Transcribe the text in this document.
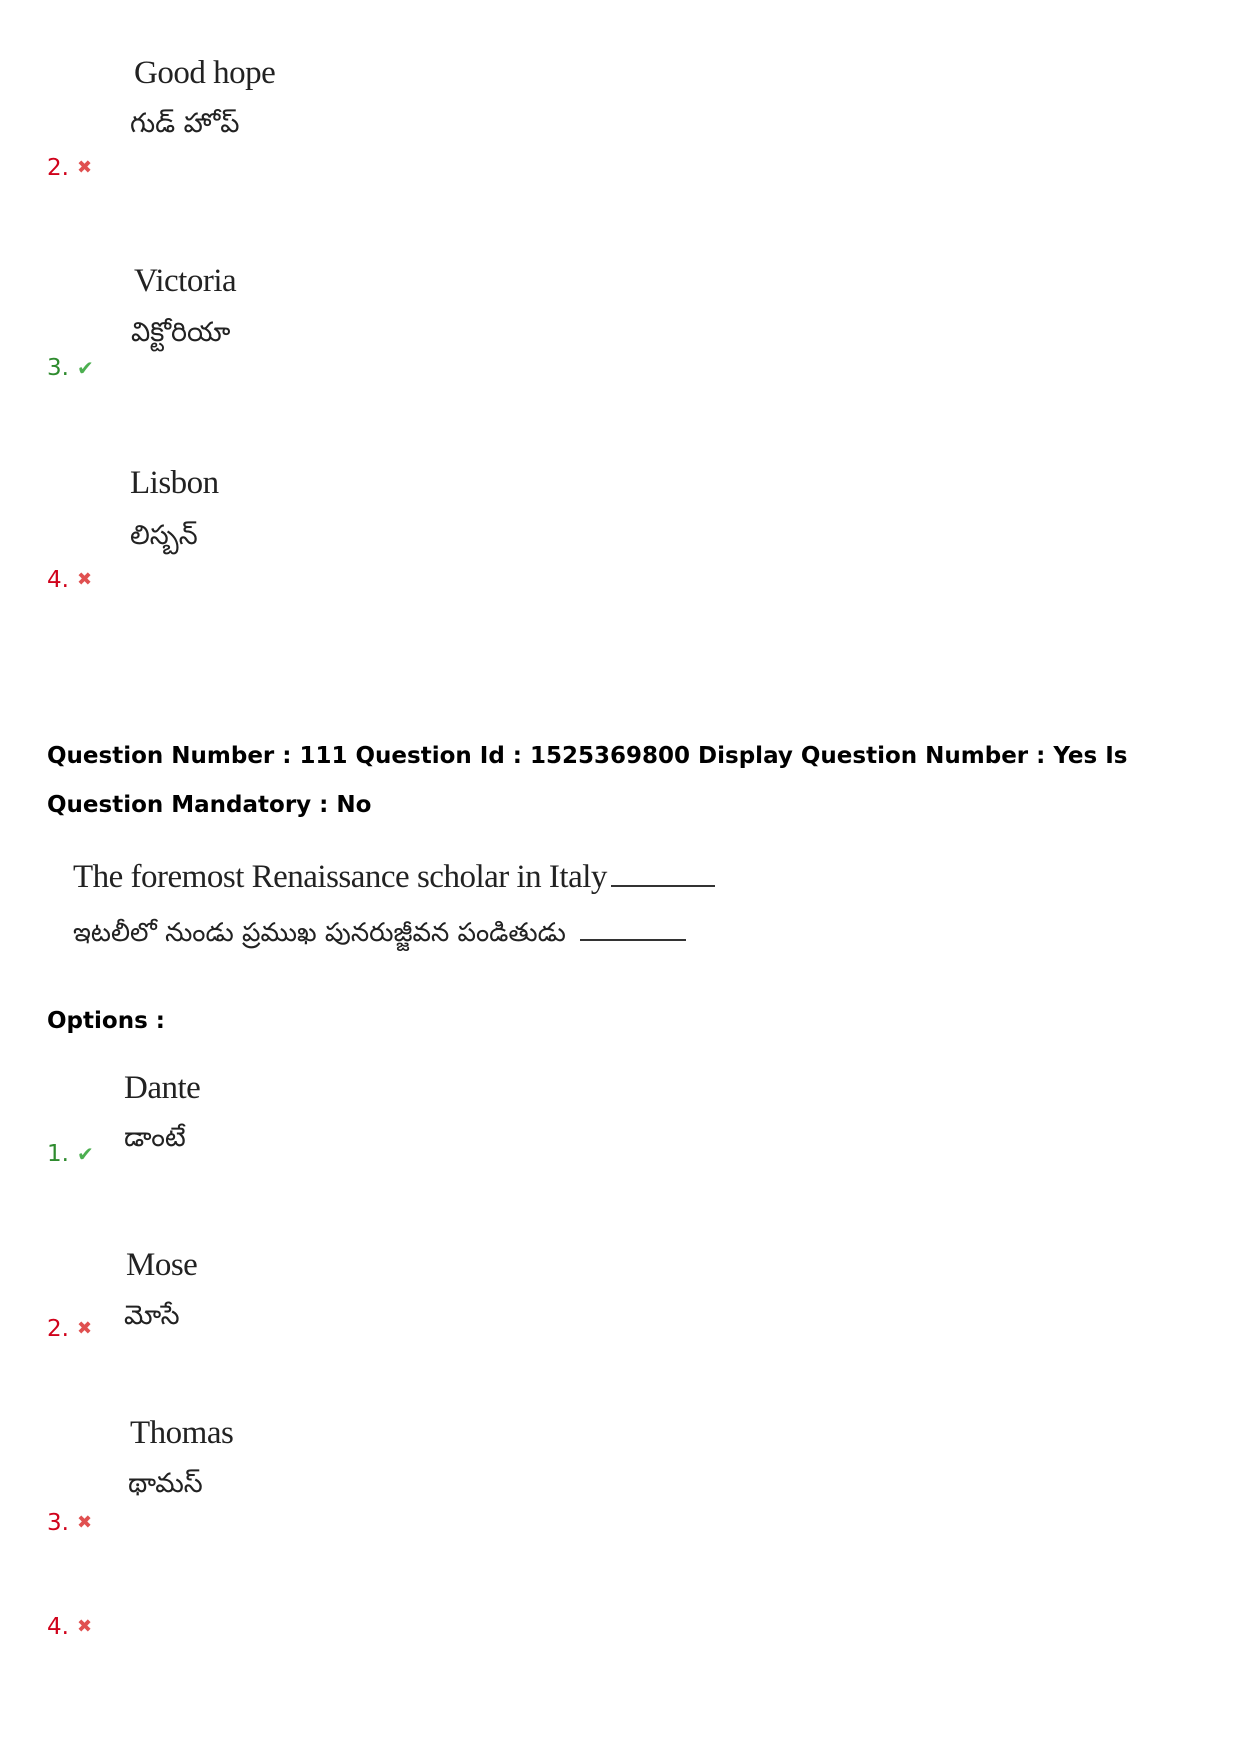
Good hope
గుడ్ హోప్
2. ✖
Victoria
విక్టోరియా
3. ✔
Lisbon
లిస్బన్
4. ✖
Question Number : 111 Question Id : 1525369800 Display Question Number : Yes Is Question Mandatory : No
The foremost Renaissance scholar in Italy
ఇటలీలో నుండు ప్రముఖ పునరుజ్జీవన పండితుడు
Options :
Dante
డాంటే
1. ✔
Mose
మోసే
2. ✖
Thomas
థామస్
3. ✖
4. ✖
